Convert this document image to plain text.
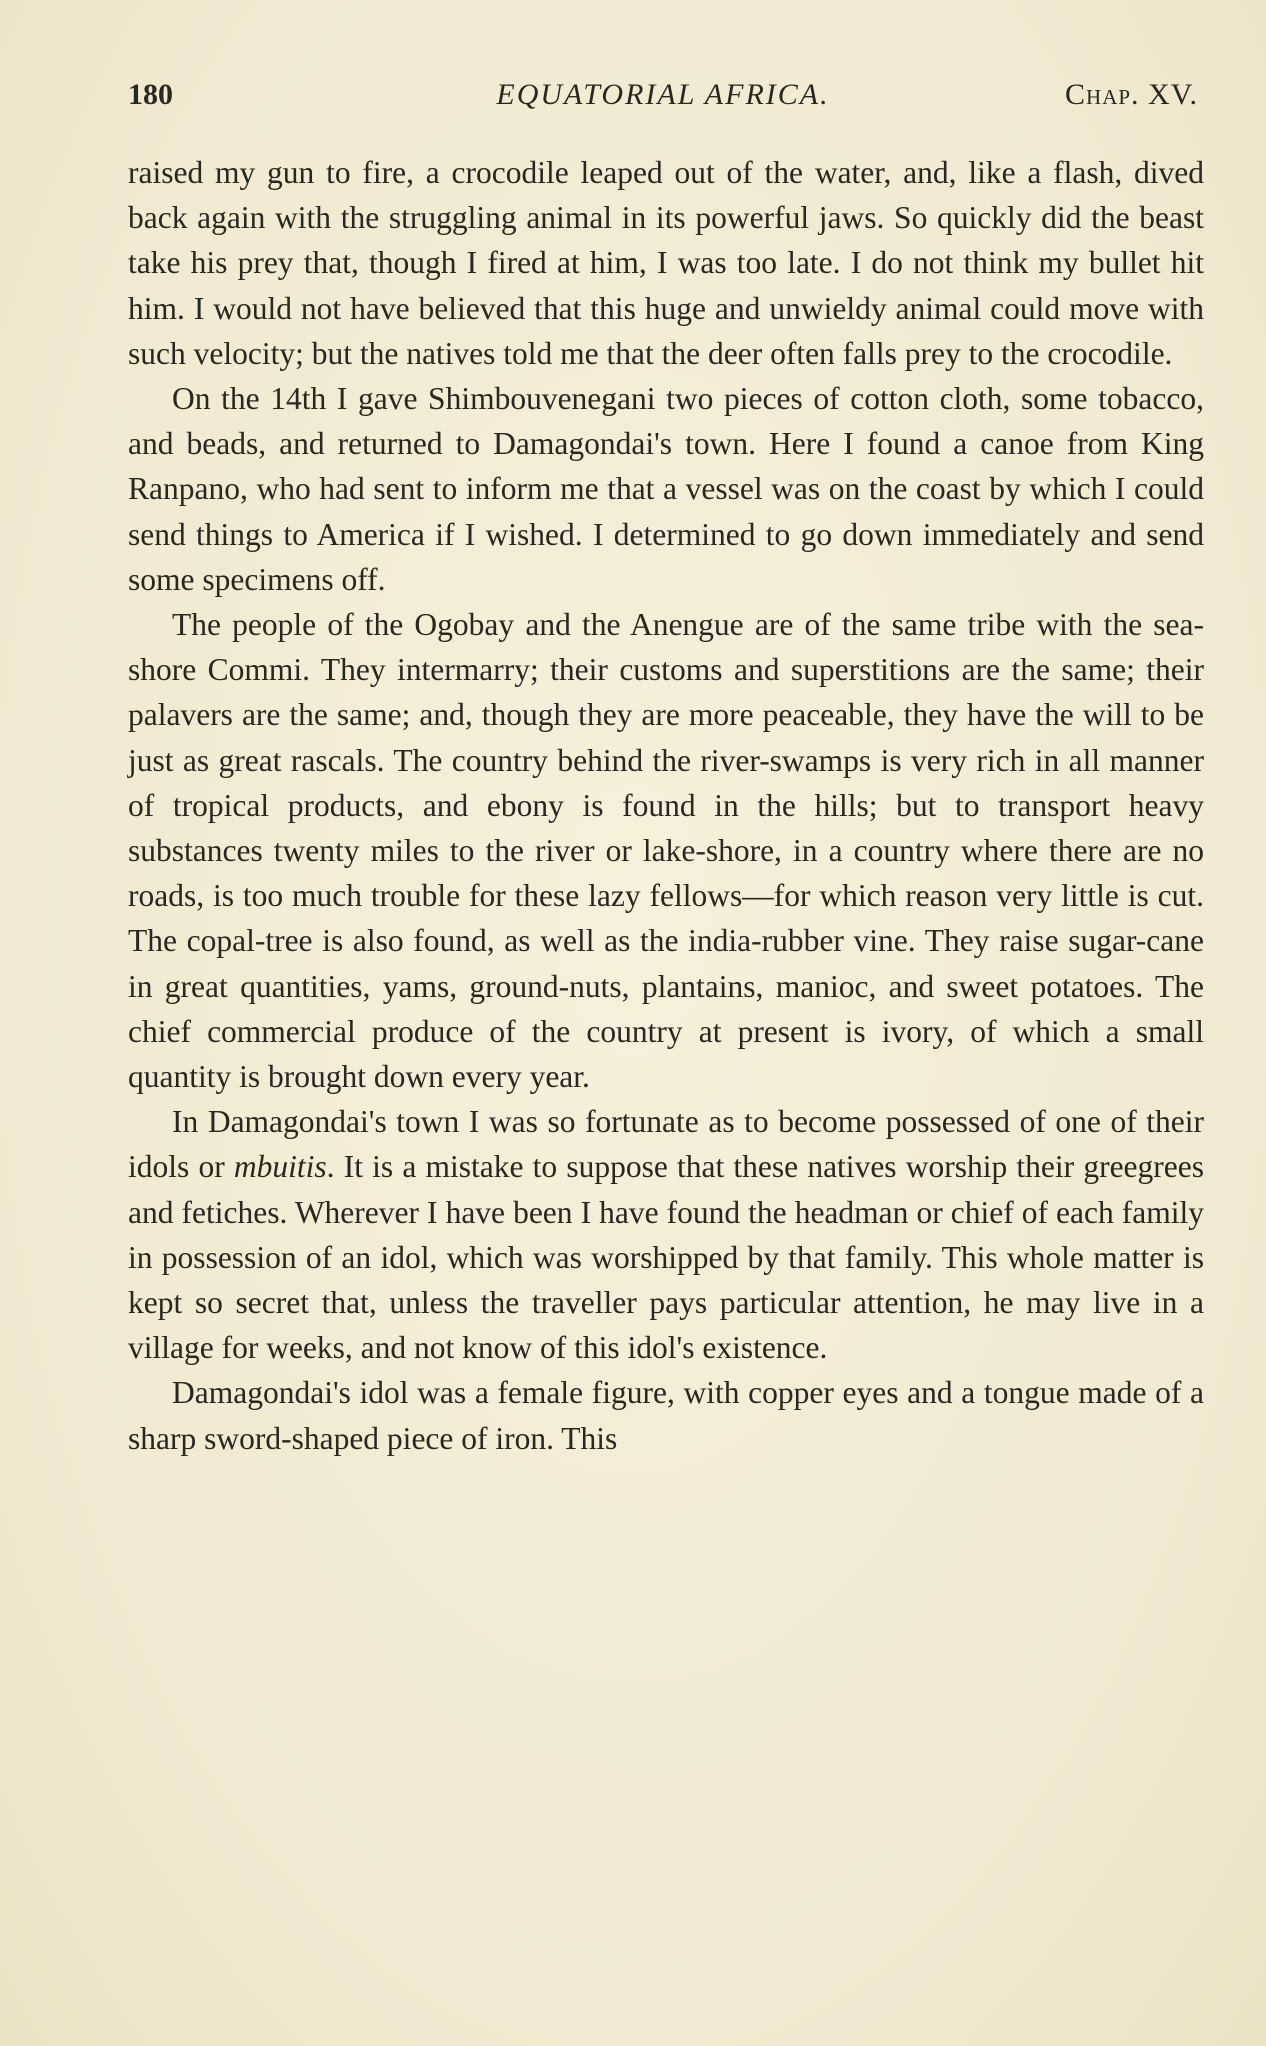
180	EQUATORIAL AFRICA.	Chap. XV.

raised my gun to fire, a crocodile leaped out of the water, and, like a flash, dived back again with the struggling animal in its powerful jaws. So quickly did the beast take his prey that, though I fired at him, I was too late. I do not think my bullet hit him. I would not have believed that this huge and unwieldy animal could move with such velocity; but the natives told me that the deer often falls prey to the crocodile.

On the 14th I gave Shimbouvenegani two pieces of cotton cloth, some tobacco, and beads, and returned to Damagondai's town. Here I found a canoe from King Ranpano, who had sent to inform me that a vessel was on the coast by which I could send things to America if I wished. I determined to go down immediately and send some specimens off.

The people of the Ogobay and the Anengue are of the same tribe with the sea-shore Commi. They intermarry; their customs and superstitions are the same; their palavers are the same; and, though they are more peaceable, they have the will to be just as great rascals. The country behind the river-swamps is very rich in all manner of tropical products, and ebony is found in the hills; but to transport heavy substances twenty miles to the river or lake-shore, in a country where there are no roads, is too much trouble for these lazy fellows—for which reason very little is cut. The copal-tree is also found, as well as the india-rubber vine. They raise sugar-cane in great quantities, yams, ground-nuts, plantains, manioc, and sweet potatoes. The chief commercial produce of the country at present is ivory, of which a small quantity is brought down every year.

In Damagondai's town I was so fortunate as to become possessed of one of their idols or mbuitis. It is a mistake to suppose that these natives worship their greegrees and fetiches. Wherever I have been I have found the headman or chief of each family in possession of an idol, which was worshipped by that family. This whole matter is kept so secret that, unless the traveller pays particular attention, he may live in a village for weeks, and not know of this idol's existence.

Damagondai's idol was a female figure, with copper eyes and a tongue made of a sharp sword-shaped piece of iron. This
